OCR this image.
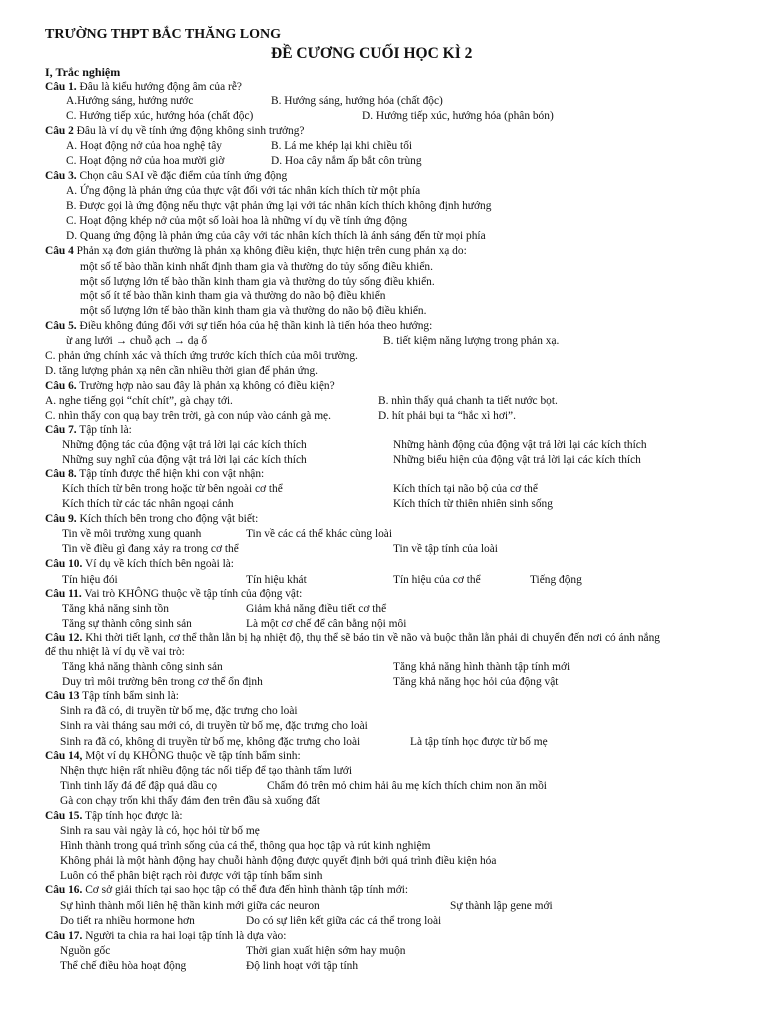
TRƯỜNG THPT BẮC THĂNG LONG
ĐỀ CƯƠNG CUỐI HỌC KÌ 2
I, Trắc nghiệm
Câu 1. Đâu là kiểu hướng động âm của rễ?
A.Hướng sáng, hướng nước	B. Hướng sáng, hướng hóa (chất độc)
C. Hướng tiếp xúc, hướng hóa (chất độc)	D. Hướng tiếp xúc, hướng hóa (phân bón)
Câu 2 Đâu là ví dụ về tính ứng động không sinh trưởng?
A. Hoạt động nở của hoa nghệ tây	B. Lá me khép lại khi chiều tối
C. Hoạt động nở của hoa mười giờ	D. Hoa cây nắm ấp bắt côn trùng
Câu 3. Chọn câu SAI về đặc điểm của tính ứng động
A. Ứng động là phản ứng của thực vật đối với tác nhân kích thích từ một phía
B. Được gọi là ứng động nếu thực vật phản ứng lại với tác nhân kích thích không định hướng
C. Hoạt động khép nở của một số loài hoa là những ví dụ về tính ứng động
D. Quang ứng động là phản ứng của cây với tác nhân kích thích là ánh sáng đến từ mọi phía
Câu 4 Phản xạ đơn giản thường là phản xạ không điều kiện, thực hiện trên cung phản xạ do:
một số tế bào thần kinh nhất định tham gia và thường do tủy sống điều khiển.
một số lượng lớn tế bào thần kinh tham gia và thường do tủy sống điều khiển.
một số ít tế bào thần kinh tham gia và thường do não bộ điều khiển
một số lượng lớn tế bào thần kinh tham gia và thường do não bộ điều khiển.
Câu 5. Điều không đúng đối với sự tiến hóa của hệ thần kinh là tiến hóa theo hướng:
ừ ang lưới → chuỗ ạch → dạ ố	B. tiết kiệm năng lượng trong phản xạ.
C. phản ứng chính xác và thích ứng trước kích thích của môi trường.
D. tăng lượng phản xạ nên cần nhiều thời gian để phản ứng.
Câu 6. Trường hợp nào sau đây là phản xạ không có điều kiện?
A. nghe tiếng gọi “chít chít”, gà chạy tới.	B. nhìn thấy quả chanh ta tiết nước bọt.
C. nhìn thấy con quạ bay trên trời, gà con núp vào cánh gà mẹ.	D. hít phải bụi ta “hắc xì hơi”.
Câu 7. Tập tính là:
Những động tác của động vật trả lời lại các kích thích	Những hành động của động vật trả lời lại các kích thích
Những suy nghĩ của động vật trả lời lại các kích thích	Những biểu hiện của động vật trả lời lại các kích thích
Câu 8. Tập tính được thể hiện khi con vật nhận:
Kích thích từ bên trong hoặc từ bên ngoài cơ thể	Kích thích tại não bộ của cơ thể
Kích thích từ các tác nhân ngoại cảnh	Kích thích từ thiên nhiên sinh sống
Câu 9. Kích thích bên trong cho động vật biết:
Tin về môi trường xung quanh	Tin về các cá thể khác cùng loài
Tin về điều gì đang xảy ra trong cơ thể	Tin về tập tính của loài
Câu 10. Ví dụ về kích thích bên ngoài là:
Tín hiệu đói	Tín hiệu khát	Tín hiệu của cơ thể	Tiếng động
Câu 11. Vai trò KHÔNG thuộc về tập tính của động vật:
Tăng khả năng sinh tồn	Giảm khả năng điều tiết cơ thể
Tăng sự thành công sinh sản	Là một cơ chế để cân bằng nội môi
Câu 12. Khi thời tiết lạnh, cơ thể thằn lằn bị hạ nhiệt độ, thụ thể sẽ báo tin về não và buộc thằn lằn phải di chuyển đến nơi có ánh nắng
để thu nhiệt là ví dụ về vai trò:
Tăng khả năng thành công sinh sản	Tăng khả năng hình thành tập tính mới
Duy trì môi trường bên trong cơ thể ổn định	Tăng khả năng học hỏi của động vật
Câu 13 Tập tính bẩm sinh là:
Sinh ra đã có, di truyền từ bố mẹ, đặc trưng cho loài
Sinh ra vài tháng sau mới có, di truyền từ bố mẹ, đặc trưng cho loài
Sinh ra đã có, không di truyền từ bố mẹ, không đặc trưng cho loài	Là tập tính học được từ bố mẹ
Câu 14, Một ví dụ KHÔNG thuộc về tập tính bẩm sinh:
Nhện thực hiện rất nhiều động tác nối tiếp để tạo thành tấm lưới
Tinh tinh lấy đá để đập quả dầu cọ	Chấm đỏ trên mỏ chim hải âu mẹ kích thích chim non ăn mồi
Gà con chạy trốn khi thấy đám đen trên đầu sà xuống đất
Câu 15. Tập tính học được là:
Sinh ra sau vài ngày là có, học hỏi từ bố mẹ
Hình thành trong quá trình sống của cá thể, thông qua học tập và rút kinh nghiệm
Không phải là một hành động hay chuỗi hành động được quyết định bởi quá trình điều kiện hóa
Luôn có thể phân biệt rạch ròi được với tập tính bẩm sinh
Câu 16. Cơ sở giải thích tại sao học tập có thể đưa đến hình thành tập tính mới:
Sự hình thành mối liên hệ thần kinh mới giữa các neuron	Sự thành lập gene mới
Do tiết ra nhiều hormone hơn	Do có sự liên kết giữa các cá thể trong loài
Câu 17. Người ta chia ra hai loại tập tính là dựa vào:
Nguồn gốc	Thời gian xuất hiện sớm hay muộn
Thể chế điều hòa hoạt động	Độ linh hoạt với tập tính
